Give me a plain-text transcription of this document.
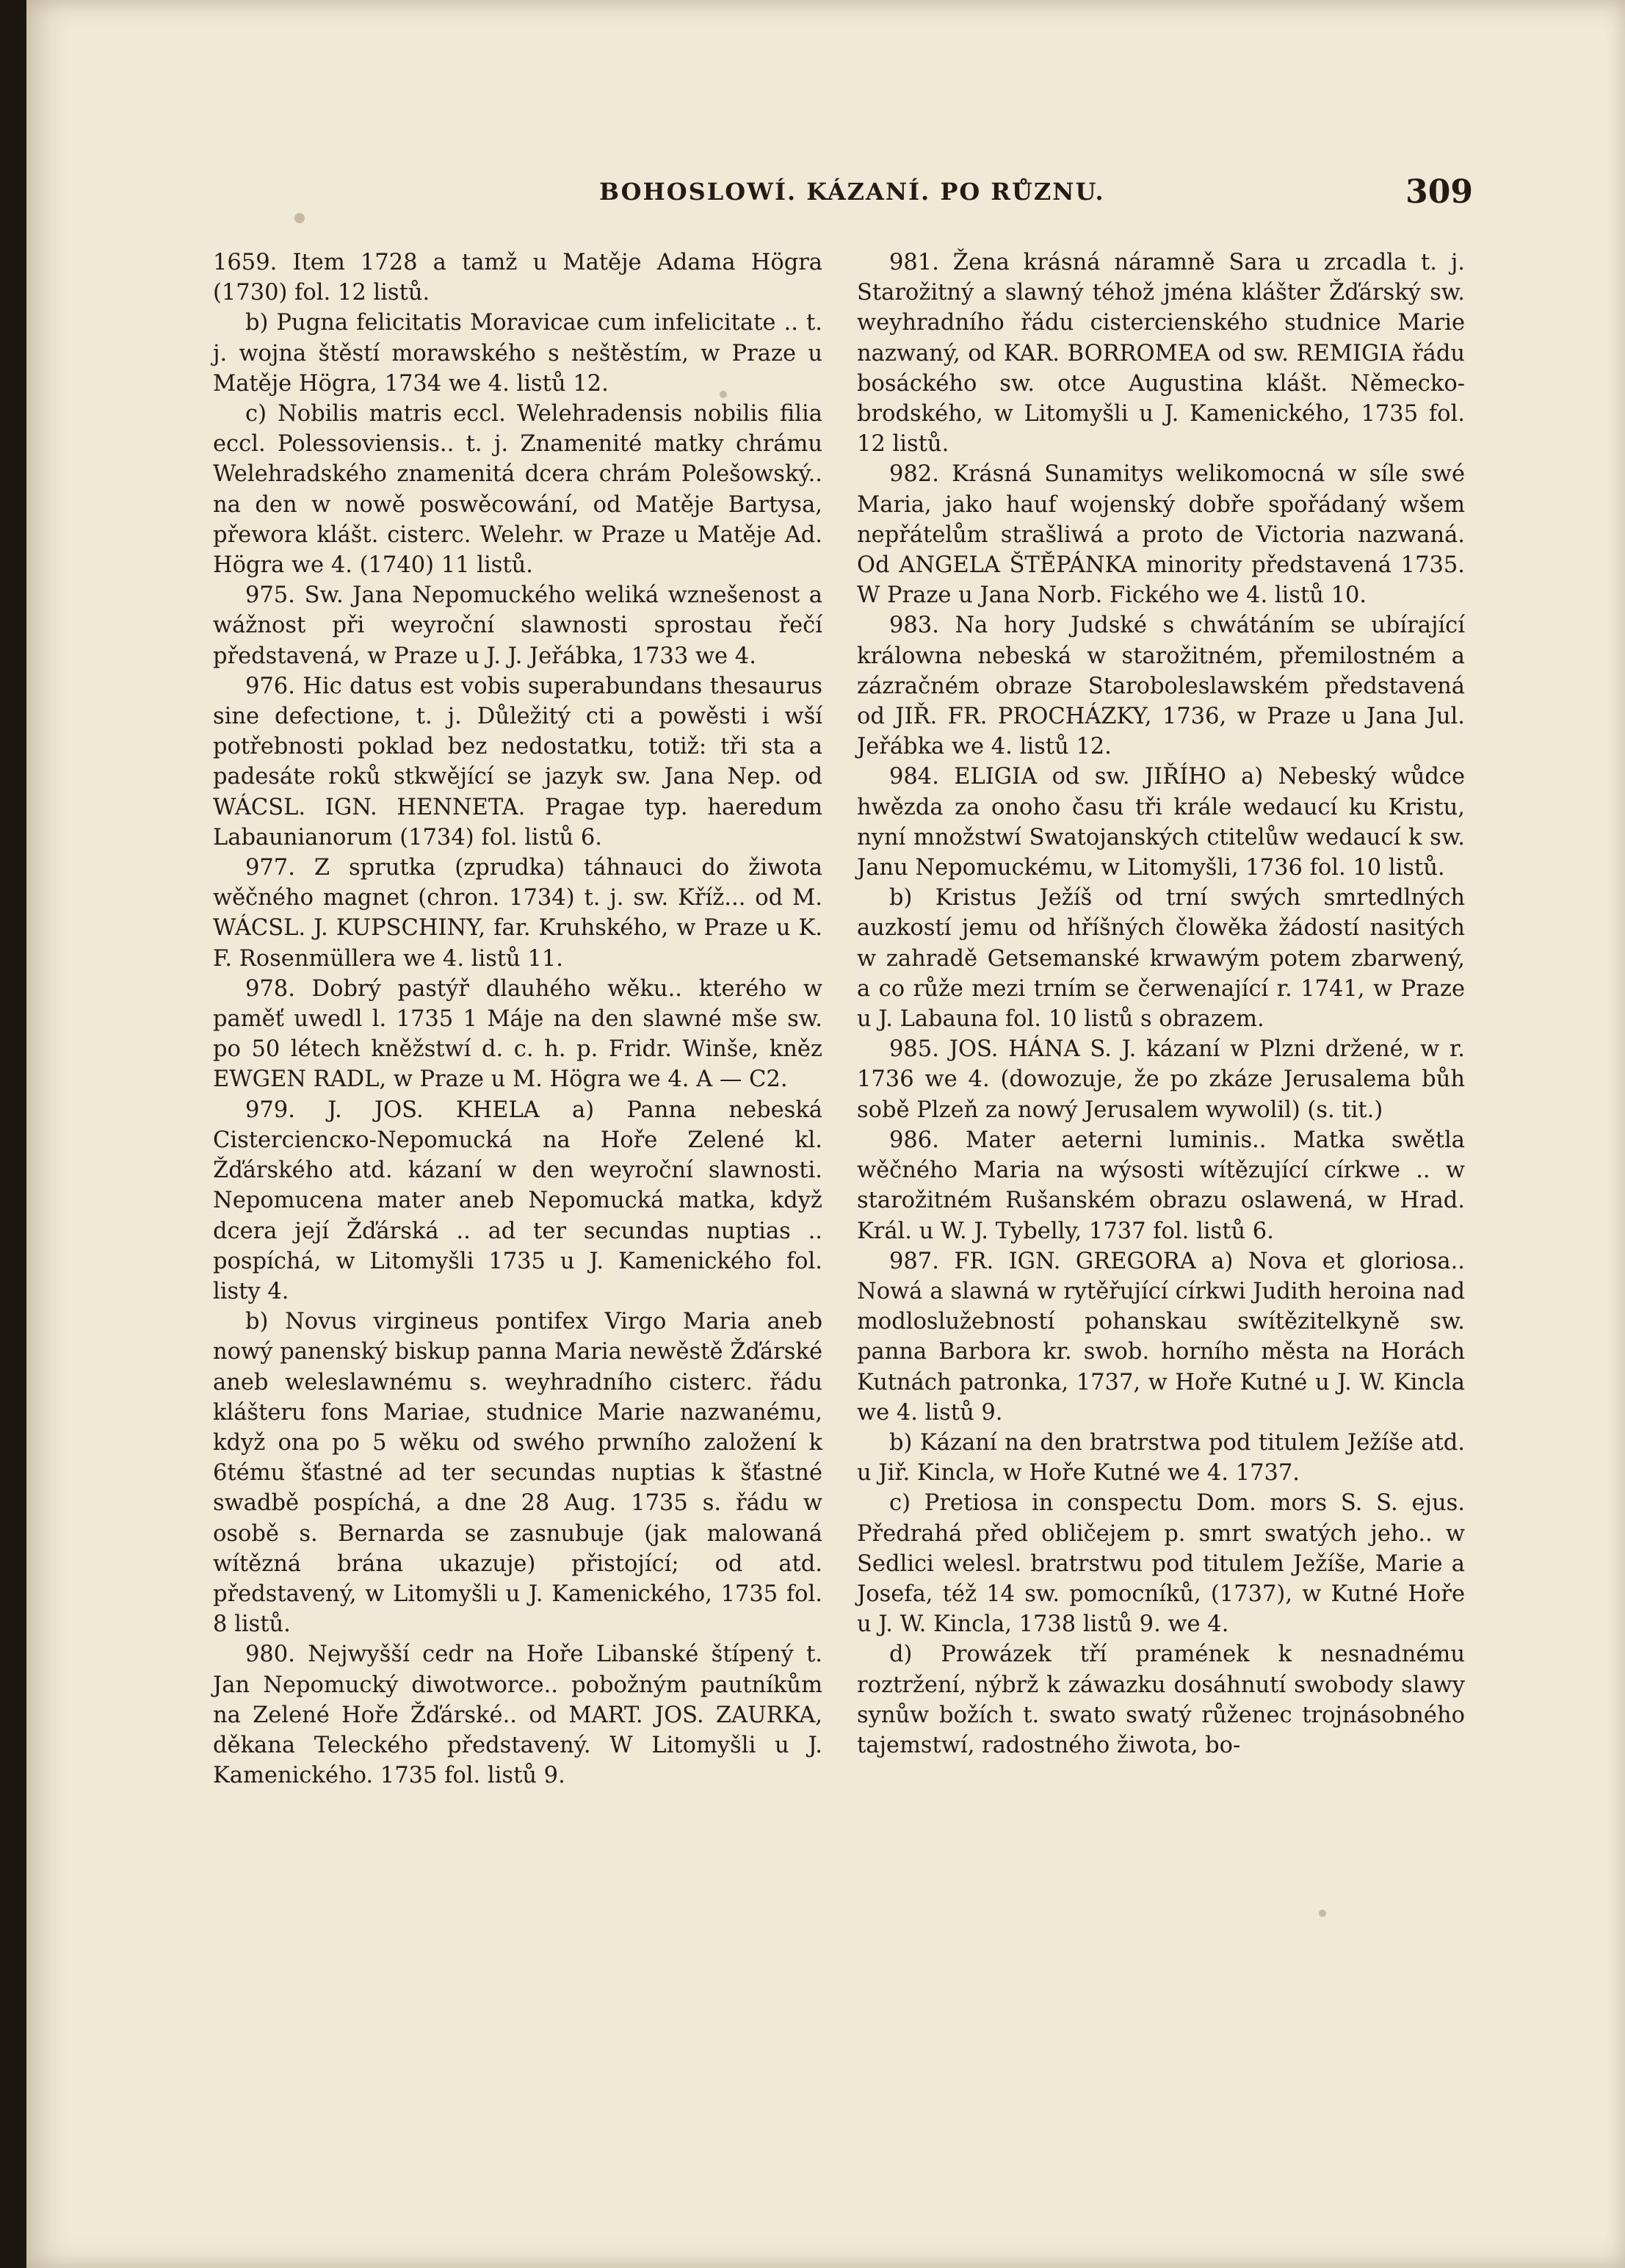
BOHOSLOWÍ. KÁZANÍ. PO RŮZNU.	309

1659. Item 1728 a tamž u Matěje Adama Högra (1730) fol. 12 listů.

b) Pugna felicitatis Moravicae cum infelicitate .. t. j. wojna štěstí morawského s neštěstím, w Praze u Matěje Högra, 1734 we 4. listů 12.

c) Nobilis matris eccl. Welehradensis nobilis filia eccl. Polessoviensis.. t. j. Znamenité matky chrámu Welehradského znamenitá dcera chrám Polešowský.. na den w nowě poswěcowání, od Matěje Bartysa, přewora klášt. cisterc. Welehr. w Praze u Matěje Ad. Högra we 4. (1740) 11 listů.

975. Sw. Jana Nepomuckého weliká wznešenost a wážnost při weyroční slawnosti sprostau řečí představená, w Praze u J. J. Jeřábka, 1733 we 4.

976. Hic datus est vobis superabundans thesaurus sine defectione, t. j. Důležitý cti a powěsti i wší potřebnosti poklad bez nedostatku, totiž: tři sta a padesáte roků stkwějící se jazyk sw. Jana Nep. od WÁCSL. IGN. HENNETA. Pragae typ. haeredum Labaunianorum (1734) fol. listů 6.

977. Z sprutka (zprudka) táhnauci do žiwota wěčného magnet (chron. 1734) t. j. sw. Kříž... od M. WÁCSL. J. KUPSCHINY, far. Kruhského, w Praze u K. F. Rosenmüllera we 4. listů 11.

978. Dobrý pastýř dlauhého wěku.. kterého w paměť uwedl l. 1735 1 Máje na den slawné mše sw. po 50 létech kněžstwí d. c. h. p. Fridr. Winše, kněz EWGEN RADL, w Praze u M. Högra we 4. A — C2.

979. J. JOS. KHELA a) Panna nebeská Cistercienско-Nepomucká na Hoře Zelené kl. Žďárského atd. kázaní w den weyroční slawnosti. Nepomucena mater aneb Nepomucká matka, když dcera její Žďárská .. ad ter secundas nuptias .. pospíchá, w Litomyšli 1735 u J. Kamenického fol. listy 4.

b) Novus virgineus pontifex Virgo Maria aneb nowý panenský biskup panna Maria newěstě Žďárské aneb weleslawnému s. weyhradního cisterc. řádu klášteru fons Mariae, studnice Marie nazwanému, když ona po 5 wěku od swého prwního založení k 6tému šťastné ad ter secundas nuptias k šťastné swadbě pospíchá, a dne 28 Aug. 1735 s. řádu w osobě s. Bernarda se zasnubuje (jak malowaná wítězná brána ukazuje) přistojící; od atd. představený, w Litomyšli u J. Kamenického, 1735 fol. 8 listů.

980. Nejwyšší cedr na Hoře Libanské štípený t. Jan Nepomucký diwotworce.. pobožným pautníkům na Zelené Hoře Žďárské.. od MART. JOS. ZAURKA, děkana Teleckého představený. W Litomyšli u J. Kamenického. 1735 fol. listů 9.

981. Žena krásná náramně Sara u zrcadla t. j. Starožitný a slawný téhož jména klášter Žďárský sw. weyhradního řádu cisterсienského studnice Marie nazwaný, od KAR. BORROMEA od sw. REMIGIA řádu bosáckého sw. otce Augustina klášt. Německo-brodského, w Litomyšli u J. Kamenického, 1735 fol. 12 listů.

982. Krásná Sunamitys welikomocná w síle swé Maria, jako hauf wojenský dobře spořádaný wšem nepřátelům strašliwá a proto de Victoria nazwaná. Od ANGELA ŠTĚPÁNKA minority představená 1735. W Praze u Jana Norb. Fického we 4. listů 10.

983. Na hory Judské s chwátáním se ubírající králowna nebeská w starožitném, přemilostném a zázračném obraze Staroboleslawském představená od JIŘ. FR. PROCHÁZKY, 1736, w Praze u Jana Jul. Jeřábka we 4. listů 12.

984. ELIGIA od sw. JIŘÍHO a) Nebeský wůdce hwězda za onoho času tři krále wedaucí ku Kristu, nyní množstwí Swatojanských ctitelůw wedaucí k sw. Janu Nepomuckému, w Litomyšli, 1736 fol. 10 listů.

b) Kristus Ježíš od trní swých smrtedlných auzkostí jemu od hříšných člowěka žádostí nasitých w zahradě Getsemanské krwawým potem zbarwený, a co růže mezi trním se čerwenající r. 1741, w Praze u J. Labauna fol. 10 listů s obrazem.

985. JOS. HÁNA S. J. kázaní w Plzni držené, w r. 1736 we 4. (dowozuje, že po zkáze Jerusalema bůh sobě Plzeň za nowý Jerusalem wywolil) (s. tit.)

986. Mater aeterni luminis.. Matka swětla wěčného Maria na wýsosti wítězující církwe .. w starožitném Rušanském obrazu oslawená, w Hrad. Král. u W. J. Tybelly, 1737 fol. listů 6.

987. FR. IGN. GREGORA a) Nova et gloriosa.. Nowá a slawná w rytěřující církwi Judith heroina nad modloslužebností pohanskau swítězitelkyně sw. panna Barbora kr. swob. horního města na Horách Kutnách patronka, 1737, w Hoře Kutné u J. W. Kincla we 4. listů 9.

b) Kázaní na den bratrstwa pod titulem Ježíše atd. u Jiř. Kincla, w Hoře Kutné we 4. 1737.

c) Pretiosa in conspectu Dom. mors S. S. ejus. Předrahá před obličejem p. smrt swatých jeho.. w Sedlici welesl. bratrstwu pod titulem Ježíše, Marie a Josefa, též 14 sw. pomocníků, (1737), w Kutné Hoře u J. W. Kincla, 1738 listů 9. we 4.

d) Prowázek tří pramének k nesnadnému roztržení, nýbrž k záwazku dosáhnutí swobody slawy synůw božích t. swato swatý růženec trojnásobného tajemstwí, radostného žiwota, bo-
